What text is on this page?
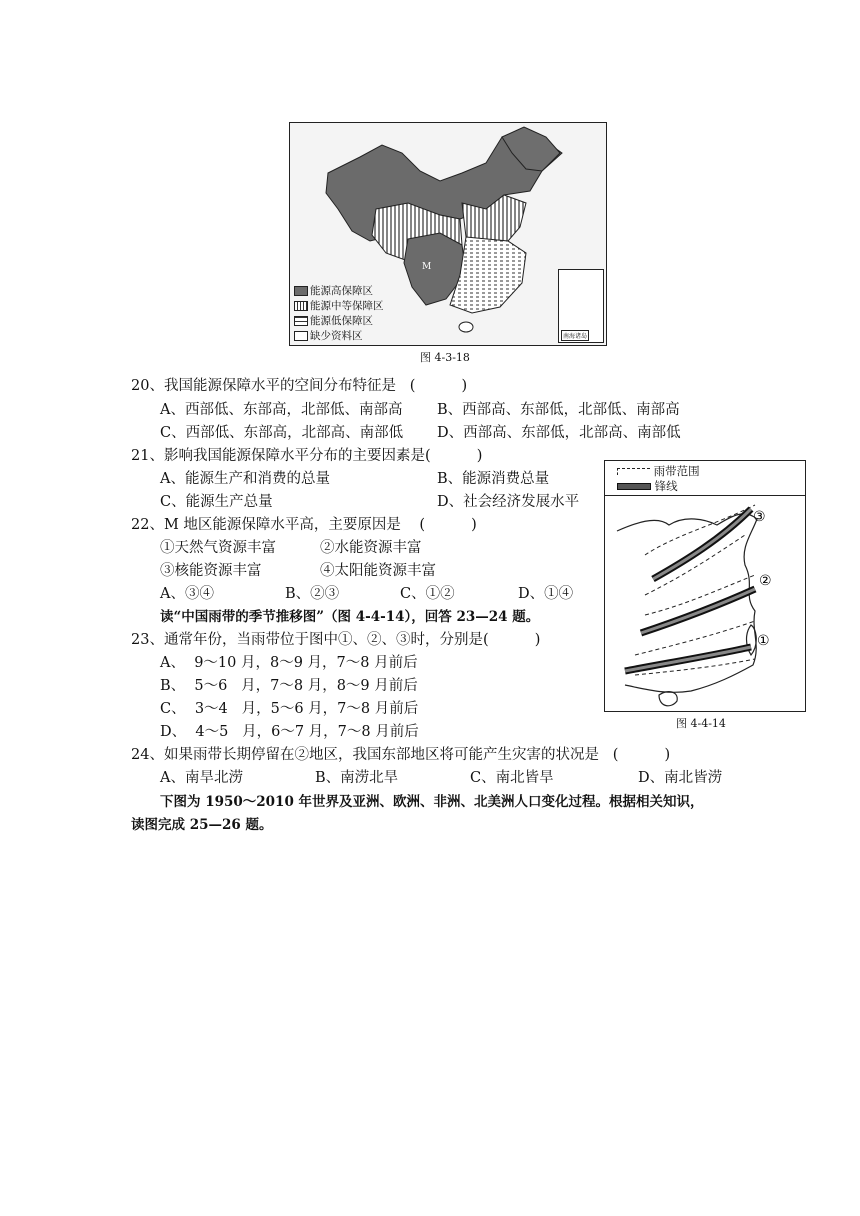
M
能源高保障区
能源中等保障区
能源低保障区
缺少资料区	南海诸岛
图 4-3-18
雨带范围
锋线
③
②
①
图 4-4-14
20、我国能源保障水平的空间分布特征是   (          )
A、西部低、东部高，北部低、南部高 B、西部高、东部低，北部低、南部高
C、西部低、东部高，北部高、南部低 D、西部高、东部低，北部高、南部低
21、影响我国能源保障水平分布的主要因素是(          )
A、能源生产和消费的总量	B、能源消费总量
C、能源生产总量	D、社会经济发展水平
22、M 地区能源保障水平高，主要原因是    (          )
①天然气资源丰富	②水能资源丰富
③核能资源丰富	④太阳能资源丰富
A、③④	B、②③	C、①②	D、①④
读“中国雨带的季节推移图”（图 4-4-14），回答 23—24 题。
23、通常年份，当雨带位于图中①、②、③时，分别是(          )
A、  9～10 月，8～9 月，7～8 月前后
B、  5～6   月，7～8 月，8～9 月前后
C、  3～4   月，5～6 月，7～8 月前后
D、  4～5   月，6～7 月，7～8 月前后
24、如果雨带长期停留在②地区，我国东部地区将可能产生灾害的状况是   (          )
A、南旱北涝	B、南涝北旱	C、南北皆旱	D、南北皆涝
下图为 1950～2010 年世界及亚洲、欧洲、非洲、北美洲人口变化过程。根据相关知识，
读图完成 25—26 题。
